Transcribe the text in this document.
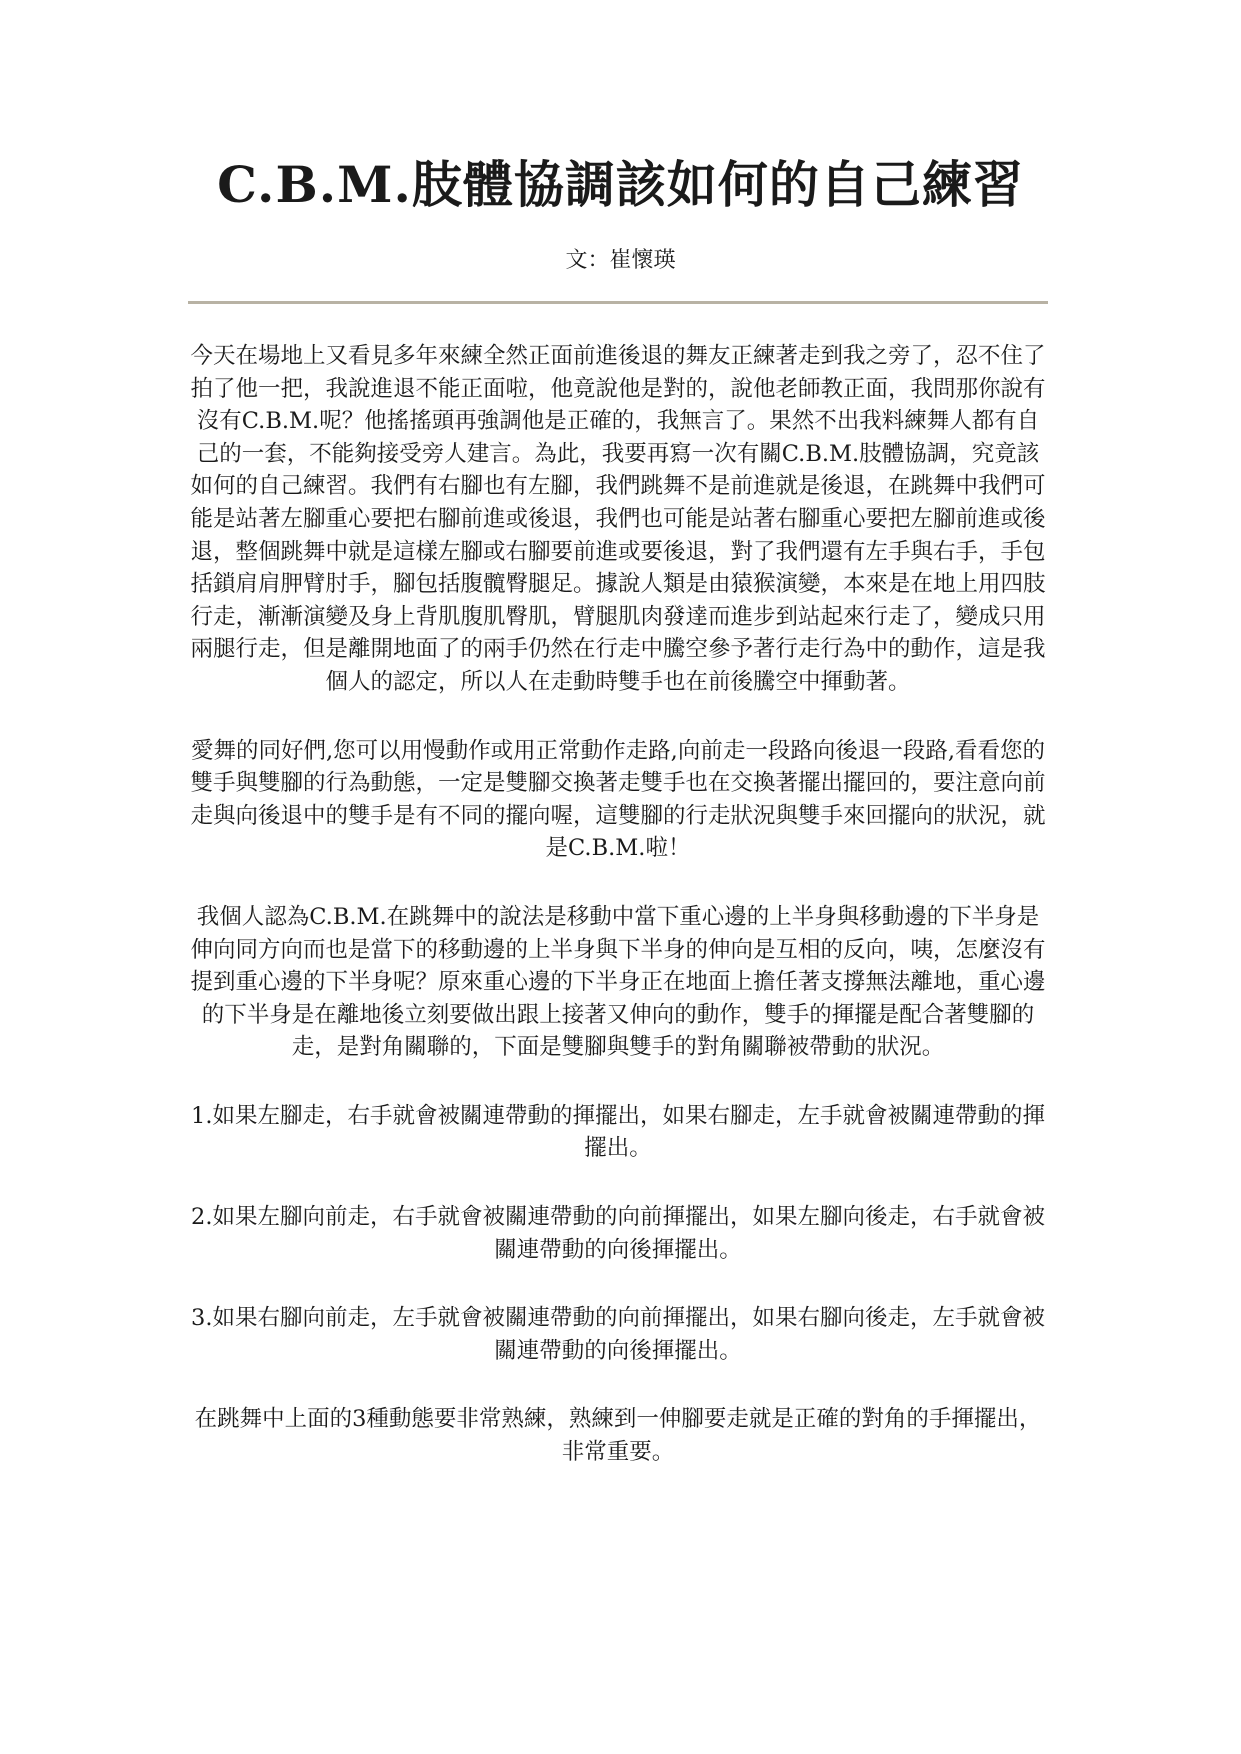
C.B.M.肢體協調該如何的自己練習
文：崔懷瑛

今天在場地上又看見多年來練全然正面前進後退的舞友正練著走到我之旁了，忍不住了拍了他一把，我說進退不能正面啦，他竟說他是對的，說他老師教正面，我問那你說有沒有C.B.M.呢？他搖搖頭再強調他是正確的，我無言了。果然不出我料練舞人都有自己的一套，不能夠接受旁人建言。為此，我要再寫一次有關C.B.M.肢體協調，究竟該如何的自己練習。我們有右腳也有左腳，我們跳舞不是前進就是後退，在跳舞中我們可能是站著左腳重心要把右腳前進或後退，我們也可能是站著右腳重心要把左腳前進或後退，整個跳舞中就是這樣左腳或右腳要前進或要後退，對了我們還有左手與右手，手包括鎖肩肩胛臂肘手，腳包括腹髖臀腿足。據說人類是由猿猴演變，本來是在地上用四肢行走，漸漸演變及身上背肌腹肌臀肌，臂腿肌肉發達而進步到站起來行走了，變成只用兩腿行走，但是離開地面了的兩手仍然在行走中騰空參予著行走行為中的動作，這是我個人的認定，所以人在走動時雙手也在前後騰空中揮動著。

愛舞的同好們,您可以用慢動作或用正常動作走路,向前走一段路向後退一段路,看看您的雙手與雙腳的行為動態，一定是雙腳交換著走雙手也在交換著擺出擺回的，要注意向前走與向後退中的雙手是有不同的擺向喔，這雙腳的行走狀況與雙手來回擺向的狀況，就是C.B.M.啦！

我個人認為C.B.M.在跳舞中的說法是移動中當下重心邊的上半身與移動邊的下半身是伸向同方向而也是當下的移動邊的上半身與下半身的伸向是互相的反向，咦，怎麼沒有提到重心邊的下半身呢？原來重心邊的下半身正在地面上擔任著支撐無法離地，重心邊的下半身是在離地後立刻要做出跟上接著又伸向的動作，雙手的揮擺是配合著雙腳的走，是對角關聯的，下面是雙腳與雙手的對角關聯被帶動的狀況。

1.如果左腳走，右手就會被關連帶動的揮擺出，如果右腳走，左手就會被關連帶動的揮擺出。

2.如果左腳向前走，右手就會被關連帶動的向前揮擺出，如果左腳向後走，右手就會被關連帶動的向後揮擺出。

3.如果右腳向前走，左手就會被關連帶動的向前揮擺出，如果右腳向後走，左手就會被關連帶動的向後揮擺出。

在跳舞中上面的3種動態要非常熟練，熟練到一伸腳要走就是正確的對角的手揮擺出，非常重要。
